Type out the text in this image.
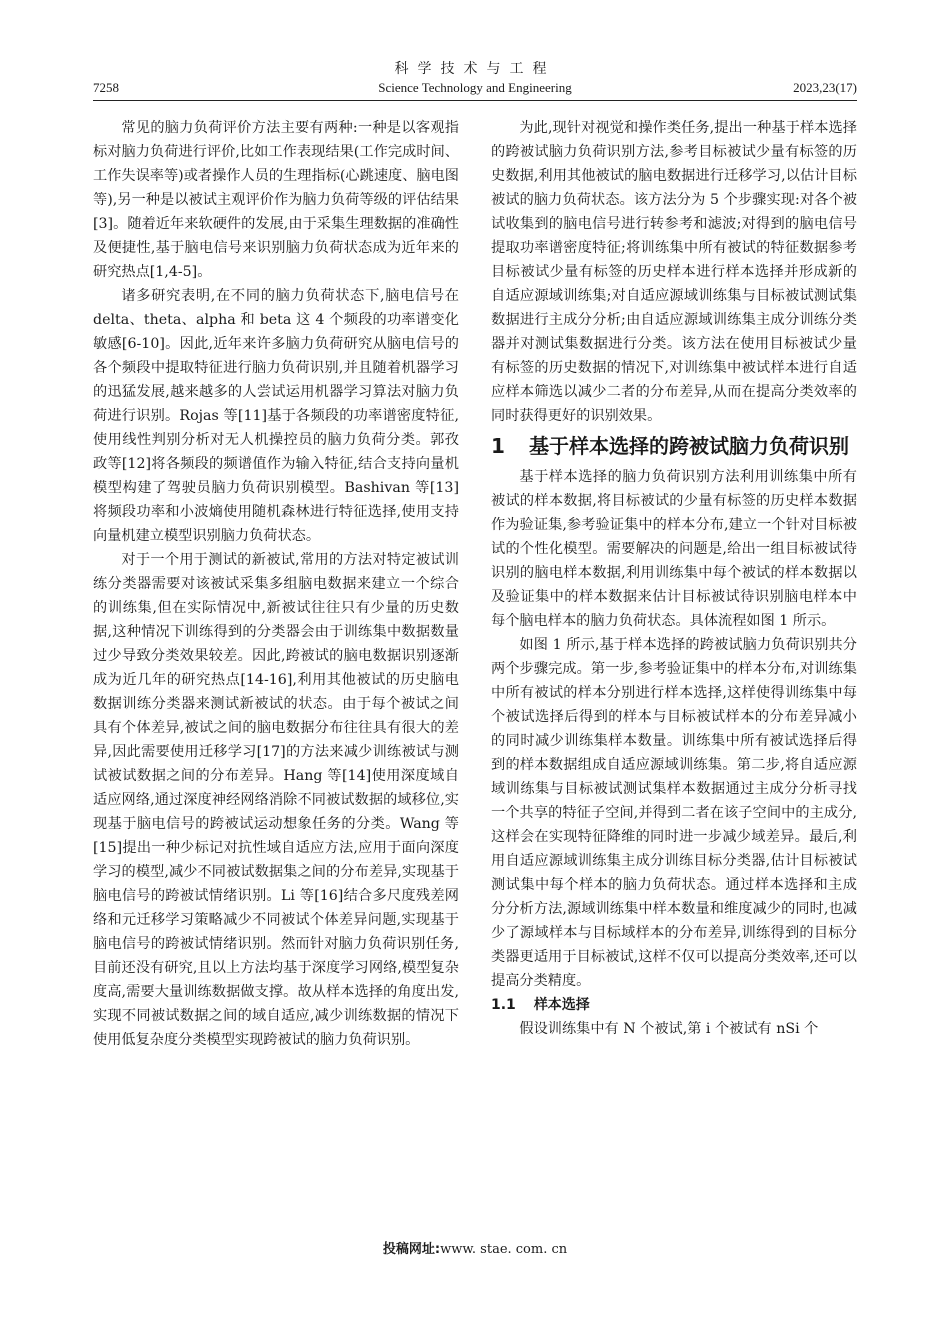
科学技术与工程
7258	Science Technology and Engineering	2023,23(17)

常见的脑力负荷评价方法主要有两种:一种是以客观指标对脑力负荷进行评价,比如工作表现结果(工作完成时间、工作失误率等)或者操作人员的生理指标(心跳速度、脑电图等),另一种是以被试主观评价作为脑力负荷等级的评估结果[3]。随着近年来软硬件的发展,由于采集生理数据的准确性及便捷性,基于脑电信号来识别脑力负荷状态成为近年来的研究热点[1,4-5]。

诸多研究表明,在不同的脑力负荷状态下,脑电信号在 delta、theta、alpha 和 beta 这 4 个频段的功率谱变化敏感[6-10]。因此,近年来许多脑力负荷研究从脑电信号的各个频段中提取特征进行脑力负荷识别,并且随着机器学习的迅猛发展,越来越多的人尝试运用机器学习算法对脑力负荷进行识别。Rojas 等[11]基于各频段的功率谱密度特征,使用线性判别分析对无人机操控员的脑力负荷分类。郭孜政等[12]将各频段的频谱值作为输入特征,结合支持向量机模型构建了驾驶员脑力负荷识别模型。Bashivan 等[13]将频段功率和小波熵使用随机森林进行特征选择,使用支持向量机建立模型识别脑力负荷状态。

对于一个用于测试的新被试,常用的方法对特定被试训练分类器需要对该被试采集多组脑电数据来建立一个综合的训练集,但在实际情况中,新被试往往只有少量的历史数据,这种情况下训练得到的分类器会由于训练集中数据数量过少导致分类效果较差。因此,跨被试的脑电数据识别逐渐成为近几年的研究热点[14-16],利用其他被试的历史脑电数据训练分类器来测试新被试的状态。由于每个被试之间具有个体差异,被试之间的脑电数据分布往往具有很大的差异,因此需要使用迁移学习[17]的方法来减少训练被试与测试被试数据之间的分布差异。Hang 等[14]使用深度域自适应网络,通过深度神经网络消除不同被试数据的域移位,实现基于脑电信号的跨被试运动想象任务的分类。Wang 等[15]提出一种少标记对抗性域自适应方法,应用于面向深度学习的模型,减少不同被试数据集之间的分布差异,实现基于脑电信号的跨被试情绪识别。Li 等[16]结合多尺度残差网络和元迁移学习策略减少不同被试个体差异问题,实现基于脑电信号的跨被试情绪识别。然而针对脑力负荷识别任务,目前还没有研究,且以上方法均基于深度学习网络,模型复杂度高,需要大量训练数据做支撑。故从样本选择的角度出发,实现不同被试数据之间的域自适应,减少训练数据的情况下使用低复杂度分类模型实现跨被试的脑力负荷识别。

为此,现针对视觉和操作类任务,提出一种基于样本选择的跨被试脑力负荷识别方法,参考目标被试少量有标签的历史数据,利用其他被试的脑电数据进行迁移学习,以估计目标被试的脑力负荷状态。该方法分为 5 个步骤实现:对各个被试收集到的脑电信号进行转参考和滤波;对得到的脑电信号提取功率谱密度特征;将训练集中所有被试的特征数据参考目标被试少量有标签的历史样本进行样本选择并形成新的自适应源域训练集;对自适应源域训练集与目标被试测试集数据进行主成分分析;由自适应源域训练集主成分训练分类器并对测试集数据进行分类。该方法在使用目标被试少量有标签的历史数据的情况下,对训练集中被试样本进行自适应样本筛选以减少二者的分布差异,从而在提高分类效率的同时获得更好的识别效果。

1	基于样本选择的跨被试脑力负荷识别

基于样本选择的脑力负荷识别方法利用训练集中所有被试的样本数据,将目标被试的少量有标签的历史样本数据作为验证集,参考验证集中的样本分布,建立一个针对目标被试的个性化模型。需要解决的问题是,给出一组目标被试待识别的脑电样本数据,利用训练集中每个被试的样本数据以及验证集中的样本数据来估计目标被试待识别脑电样本中每个脑电样本的脑力负荷状态。具体流程如图 1 所示。

如图 1 所示,基于样本选择的跨被试脑力负荷识别共分两个步骤完成。第一步,参考验证集中的样本分布,对训练集中所有被试的样本分别进行样本选择,这样使得训练集中每个被试选择后得到的样本与目标被试样本的分布差异减小的同时减少训练集样本数量。训练集中所有被试选择后得到的样本数据组成自适应源域训练集。第二步,将自适应源域训练集与目标被试测试集样本数据通过主成分分析寻找一个共享的特征子空间,并得到二者在该子空间中的主成分,这样会在实现特征降维的同时进一步减少域差异。最后,利用自适应源域训练集主成分训练目标分类器,估计目标被试测试集中每个样本的脑力负荷状态。通过样本选择和主成分分析方法,源域训练集中样本数量和维度减少的同时,也减少了源域样本与目标域样本的分布差异,训练得到的目标分类器更适用于目标被试,这样不仅可以提高分类效率,还可以提高分类精度。

1.1 样本选择

假设训练集中有 N 个被试,第 i 个被试有 nSi 个

投稿网址:www. stae. com. cn
